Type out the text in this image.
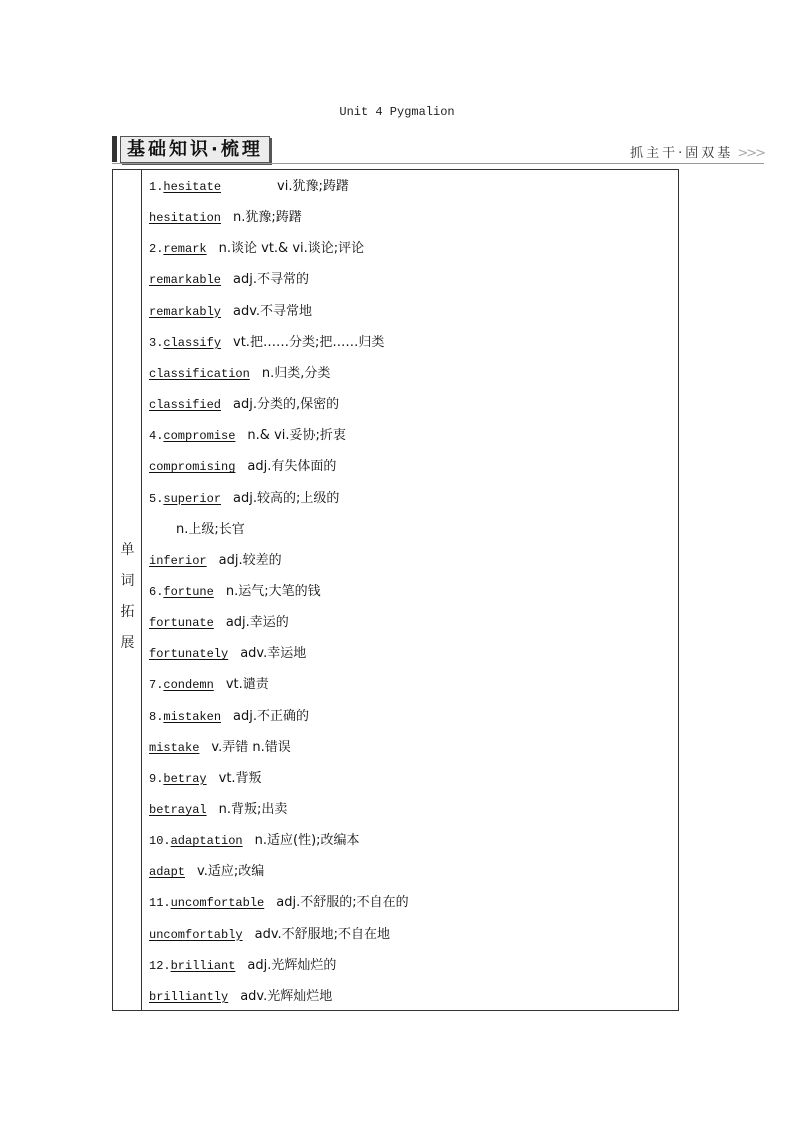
Unit 4 Pygmalion
基础知识·梳理	抓主干·固双基 >>>
单
词
拓
展
1.hesitate	vi.犹豫;踌躇
hesitation n.犹豫;踌躇
2.remark n.谈论 vt.& vi.谈论;评论
remarkable adj.不寻常的
remarkably adv.不寻常地
3.classify vt.把……分类;把……归类
classification n.归类,分类
classified adj.分类的,保密的
4.compromise n.& vi.妥协;折衷
compromising adj.有失体面的
5.superior adj.较高的;上级的
n.上级;长官
inferior adj.较差的
6.fortune n.运气;大笔的钱
fortunate adj.幸运的
fortunately adv.幸运地
7.condemn vt.谴责
8.mistaken adj.不正确的
mistake v.弄错 n.错误
9.betray vt.背叛
betrayal n.背叛;出卖
10.adaptation n.适应(性);改编本
adapt v.适应;改编
11.uncomfortable adj.不舒服的;不自在的
uncomfortably adv.不舒服地;不自在地
12.brilliant adj.光辉灿烂的
brilliantly adv.光辉灿烂地
